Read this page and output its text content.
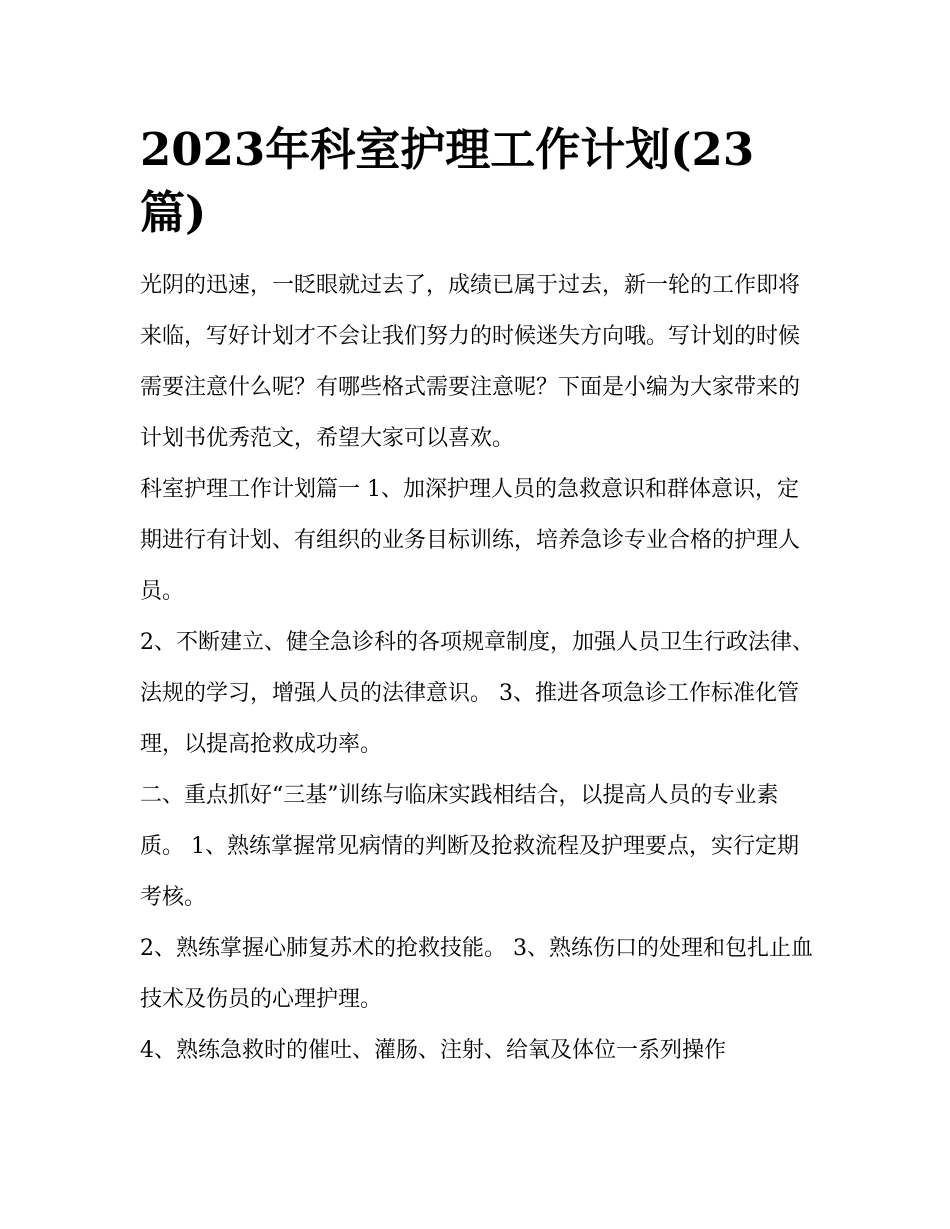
2023年科室护理工作计划(23篇)

光阴的迅速，一眨眼就过去了，成绩已属于过去，新一轮的工作即将来临，写好计划才不会让我们努力的时候迷失方向哦。写计划的时候需要注意什么呢？有哪些格式需要注意呢？下面是小编为大家带来的计划书优秀范文，希望大家可以喜欢。

科室护理工作计划篇一 1、加深护理人员的急救意识和群体意识，定期进行有计划、有组织的业务目标训练，培养急诊专业合格的护理人员。

2、不断建立、健全急诊科的各项规章制度，加强人员卫生行政法律、法规的学习，增强人员的法律意识。 3、推进各项急诊工作标准化管理，以提高抢救成功率。

二、重点抓好“三基”训练与临床实践相结合，以提高人员的专业素质。 1、熟练掌握常见病情的判断及抢救流程及护理要点，实行定期考核。

2、熟练掌握心肺复苏术的抢救技能。 3、熟练伤口的处理和包扎止血技术及伤员的心理护理。

4、熟练急救时的催吐、灌肠、注射、给氧及体位一系列操作
